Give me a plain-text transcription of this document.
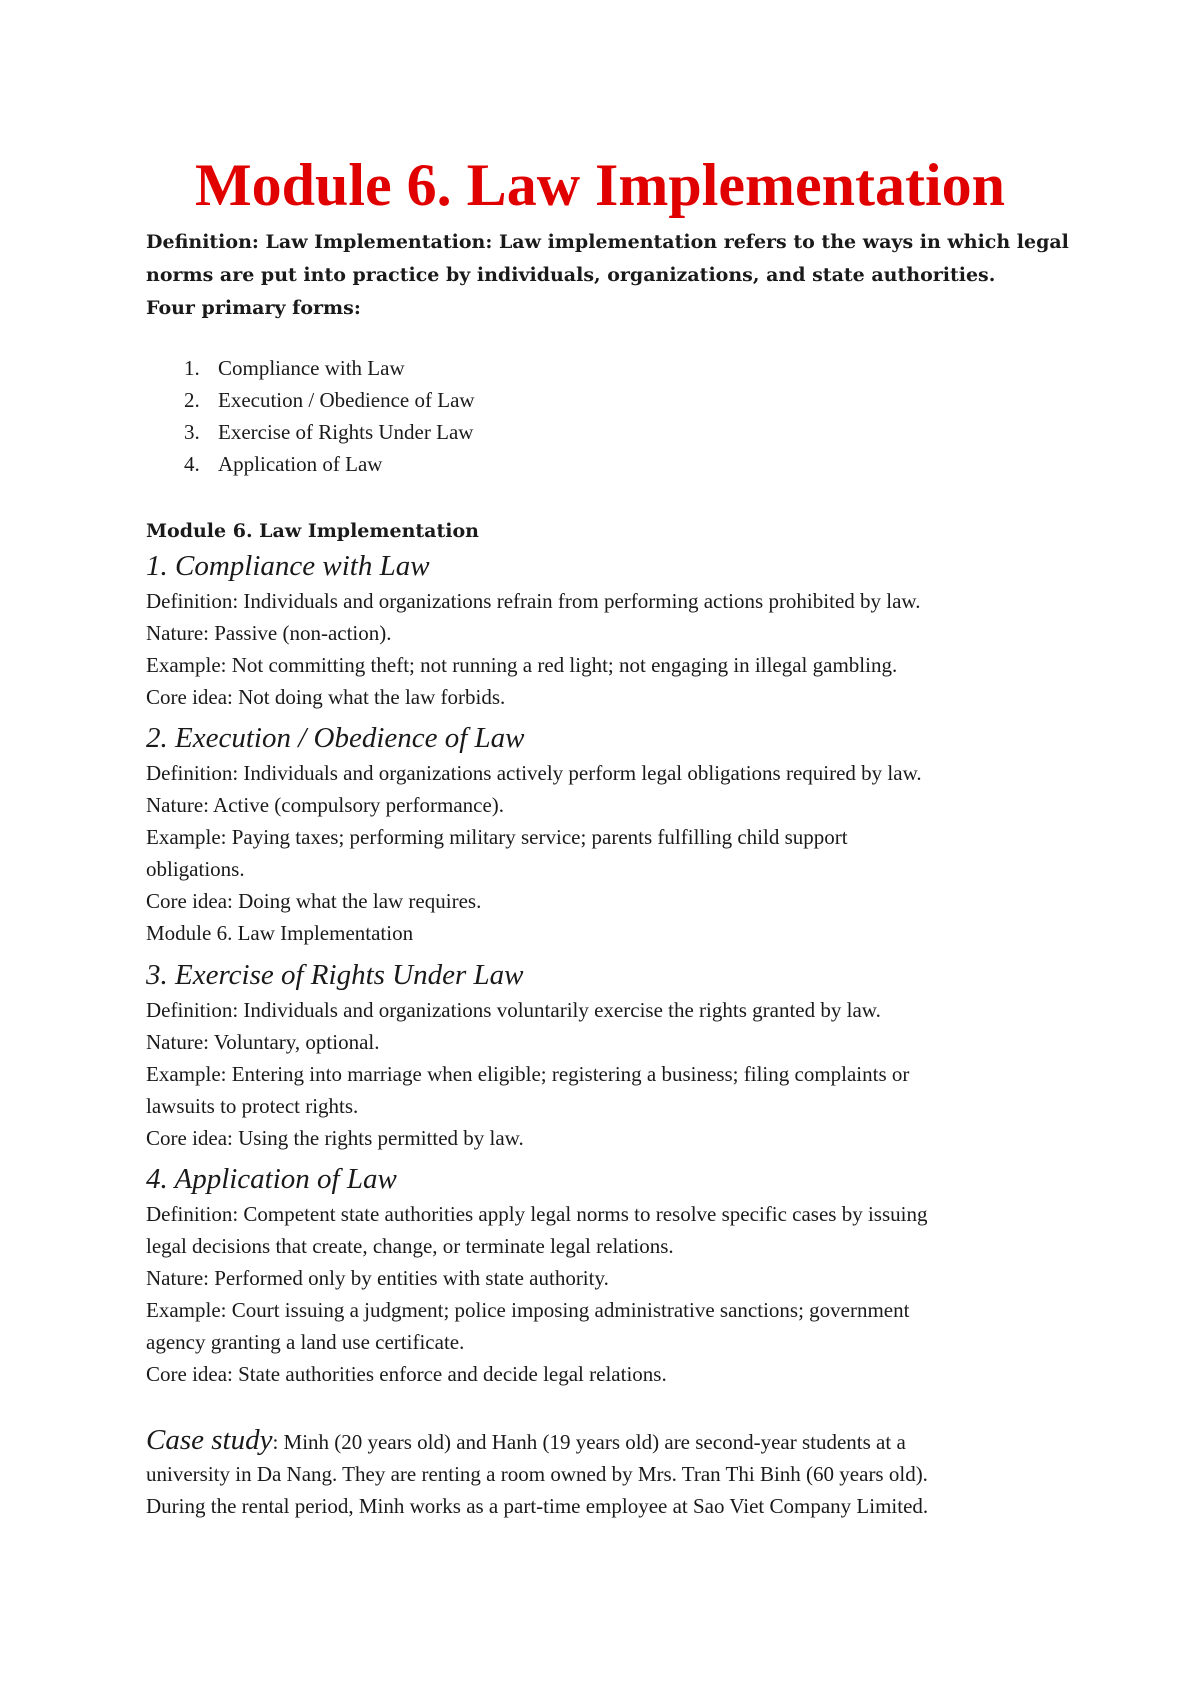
Module 6. Law Implementation

Definition: Law Implementation: Law implementation refers to the ways in which legal

norms are put into practice by individuals, organizations, and state authorities.

Four primary forms:

1. Compliance with Law
2. Execution / Obedience of Law
3. Exercise of Rights Under Law
4. Application of Law

Module 6. Law Implementation

1. Compliance with Law

Definition: Individuals and organizations refrain from performing actions prohibited by law.

Nature: Passive (non-action).

Example: Not committing theft; not running a red light; not engaging in illegal gambling.

Core idea: Not doing what the law forbids.

2. Execution / Obedience of Law

Definition: Individuals and organizations actively perform legal obligations required by law.

Nature: Active (compulsory performance).

Example: Paying taxes; performing military service; parents fulfilling child support

obligations.

Core idea: Doing what the law requires.

Module 6. Law Implementation

3. Exercise of Rights Under Law

Definition: Individuals and organizations voluntarily exercise the rights granted by law.

Nature: Voluntary, optional.

Example: Entering into marriage when eligible; registering a business; filing complaints or

lawsuits to protect rights.

Core idea: Using the rights permitted by law.

4. Application of Law

Definition: Competent state authorities apply legal norms to resolve specific cases by issuing

legal decisions that create, change, or terminate legal relations.

Nature: Performed only by entities with state authority.

Example: Court issuing a judgment; police imposing administrative sanctions; government

agency granting a land use certificate.

Core idea: State authorities enforce and decide legal relations.

Case study: Minh (20 years old) and Hanh (19 years old) are second-year students at a

university in Da Nang. They are renting a room owned by Mrs. Tran Thi Binh (60 years old).

During the rental period, Minh works as a part-time employee at Sao Viet Company Limited.
